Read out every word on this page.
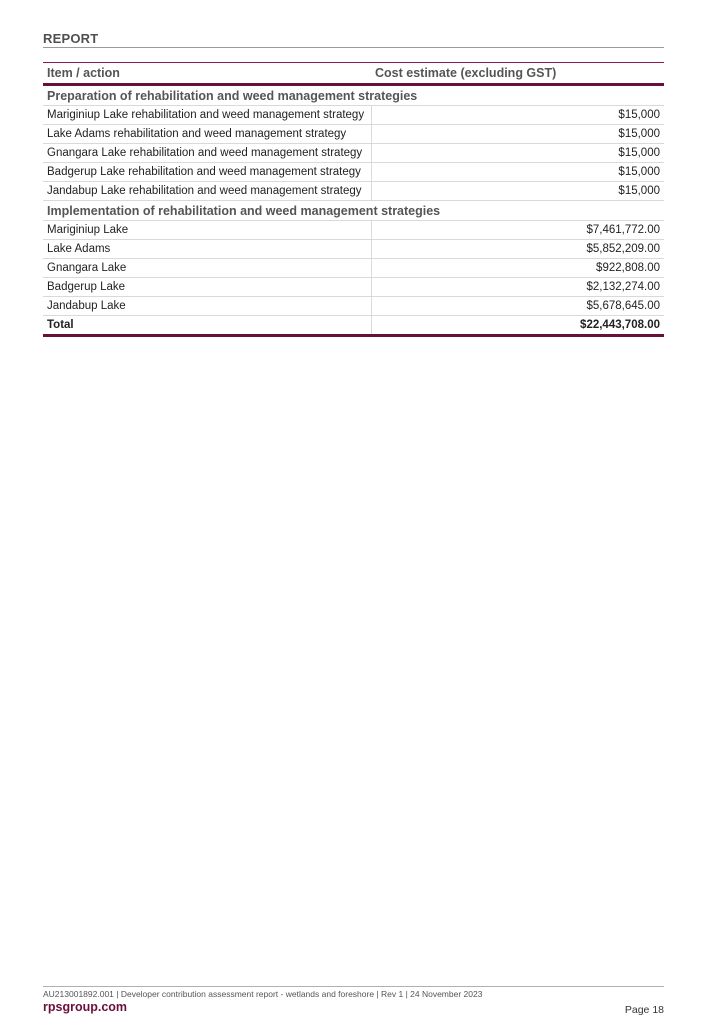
REPORT
Item / action	Cost estimate (excluding GST)
Preparation of rehabilitation and weed management strategies	
Mariginiup Lake rehabilitation and weed management strategy	$15,000
Lake Adams rehabilitation and weed management strategy	$15,000
Gnangara Lake rehabilitation and weed management strategy	$15,000
Badgerup Lake rehabilitation and weed management strategy	$15,000
Jandabup Lake rehabilitation and weed management strategy	$15,000
Implementation of rehabilitation and weed management strategies	
Mariginiup Lake	$7,461,772.00
Lake Adams	$5,852,209.00
Gnangara Lake	$922,808.00
Badgerup Lake	$2,132,274.00
Jandabup Lake	$5,678,645.00
Total	$22,443,708.00
AU213001892.001 | Developer contribution assessment report - wetlands and foreshore | Rev 1 | 24 November 2023
rpsgroup.com	Page 18
